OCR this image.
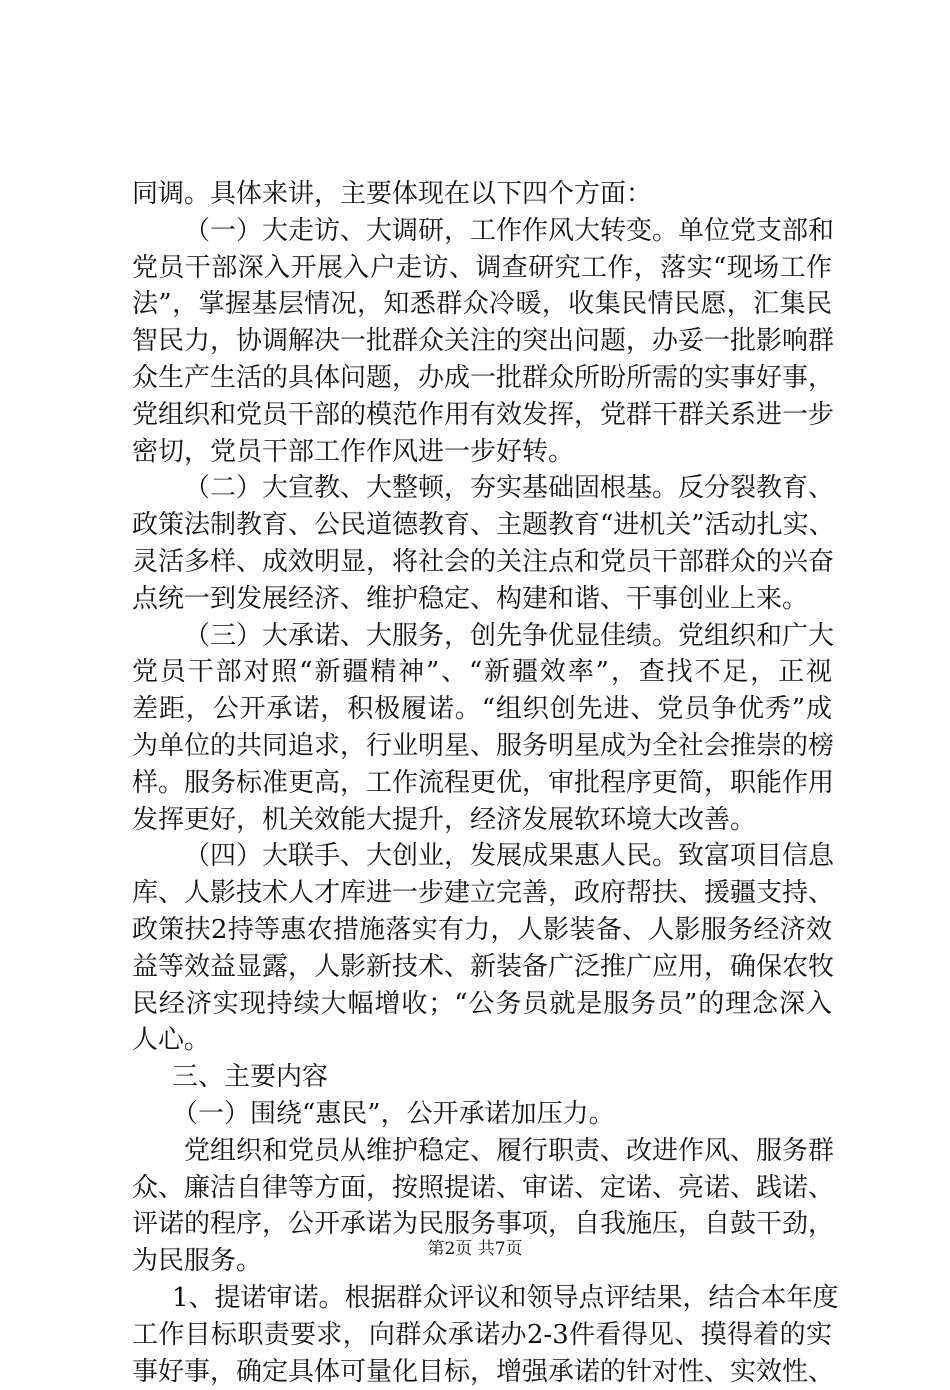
同调。具体来讲，主要体现在以下四个方面：
（一）大走访、大调研，工作作风大转变。单位党支部和
党员干部深入开展入户走访、调查研究工作，落实“现场工作
法”，掌握基层情况，知悉群众冷暖，收集民情民愿，汇集民
智民力，协调解决一批群众关注的突出问题，办妥一批影响群
众生产生活的具体问题，办成一批群众所盼所需的实事好事，
党组织和党员干部的模范作用有效发挥，党群干群关系进一步
密切，党员干部工作作风进一步好转。
（二）大宣教、大整顿，夯实基础固根基。反分裂教育、
政策法制教育、公民道德教育、主题教育“进机关”活动扎实、
灵活多样、成效明显，将社会的关注点和党员干部群众的兴奋
点统一到发展经济、维护稳定、构建和谐、干事创业上来。
（三）大承诺、大服务，创先争优显佳绩。党组织和广大
党员干部对照“新疆精神”、“新疆效率”，查找不足，正视
差距，公开承诺，积极履诺。“组织创先进、党员争优秀”成
为单位的共同追求，行业明星、服务明星成为全社会推崇的榜
样。服务标准更高，工作流程更优，审批程序更简，职能作用
发挥更好，机关效能大提升，经济发展软环境大改善。
（四）大联手、大创业，发展成果惠人民。致富项目信息
库、人影技术人才库进一步建立完善，政府帮扶、援疆支持、
政策扶2持等惠农措施落实有力，人影装备、人影服务经济效
益等效益显露，人影新技术、新装备广泛推广应用，确保农牧
民经济实现持续大幅增收；“公务员就是服务员”的理念深入
人心。
三、主要内容
（一）围绕“惠民”，公开承诺加压力。
党组织和党员从维护稳定、履行职责、改进作风、服务群
众、廉洁自律等方面，按照提诺、审诺、定诺、亮诺、践诺、
评诺的程序，公开承诺为民服务事项，自我施压，自鼓干劲，
为民服务。
1、提诺审诺。根据群众评议和领导点评结果，结合本年度
工作目标职责要求，向群众承诺办2-3件看得见、摸得着的实
事好事，确定具体可量化目标，增强承诺的针对性、实效性、
第2页 共7页
